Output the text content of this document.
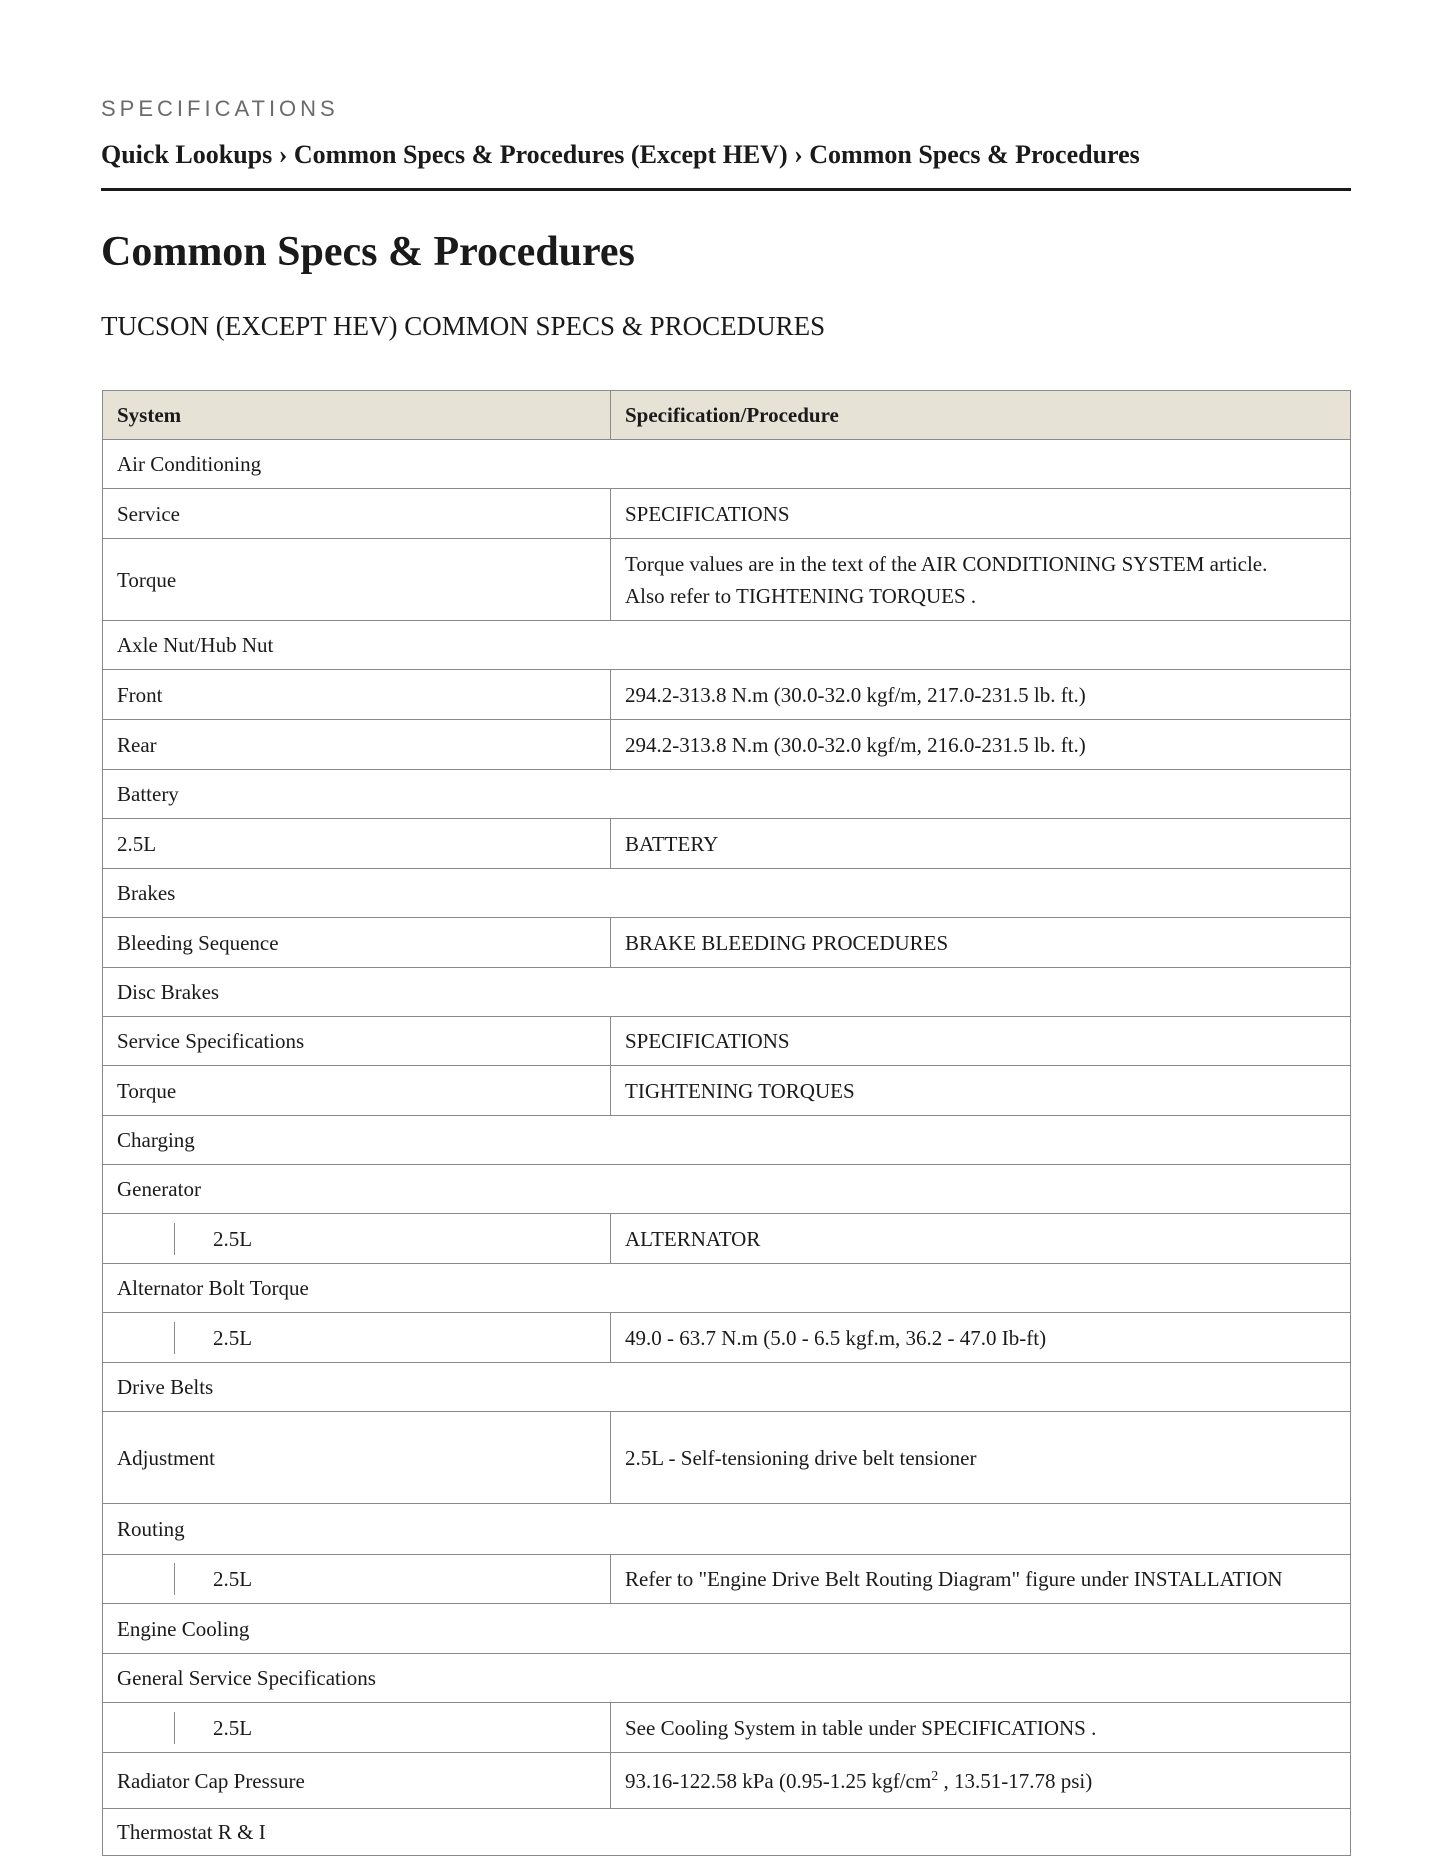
SPECIFICATIONS
Quick Lookups › Common Specs & Procedures (Except HEV) › Common Specs & Procedures
Common Specs & Procedures
TUCSON (EXCEPT HEV) COMMON SPECS & PROCEDURES
System	Specification/Procedure
Air Conditioning	
Service	SPECIFICATIONS
Torque	Torque values are in the text of the AIR CONDITIONING SYSTEM article.
Also refer to TIGHTENING TORQUES .

Axle Nut/Hub Nut	
Front	294.2-313.8 N.m (30.0-32.0 kgf/m, 217.0-231.5 lb. ft.)
Rear	294.2-313.8 N.m (30.0-32.0 kgf/m, 216.0-231.5 lb. ft.)
Battery	
2.5L	BATTERY
Brakes	
Bleeding Sequence	BRAKE BLEEDING PROCEDURES
Disc Brakes	
Service Specifications	SPECIFICATIONS
Torque	TIGHTENING TORQUES
Charging	
Generator	

2.5L	ALTERNATOR
Alternator Bolt Torque	

2.5L	49.0 - 63.7 N.m (5.0 - 6.5 kgf.m, 36.2 - 47.0 Ib-ft)
Drive Belts	
Adjustment	2.5L - Self-tensioning drive belt tensioner
Routing	

2.5L	Refer to "Engine Drive Belt Routing Diagram" figure under INSTALLATION
Engine Cooling	
General Service Specifications	

2.5L	See Cooling System in table under SPECIFICATIONS .
Radiator Cap Pressure	93.16-122.58 kPa (0.95-1.25 kgf/$cm^2$ , 13.51-17.78 psi)
Thermostat R & I	
